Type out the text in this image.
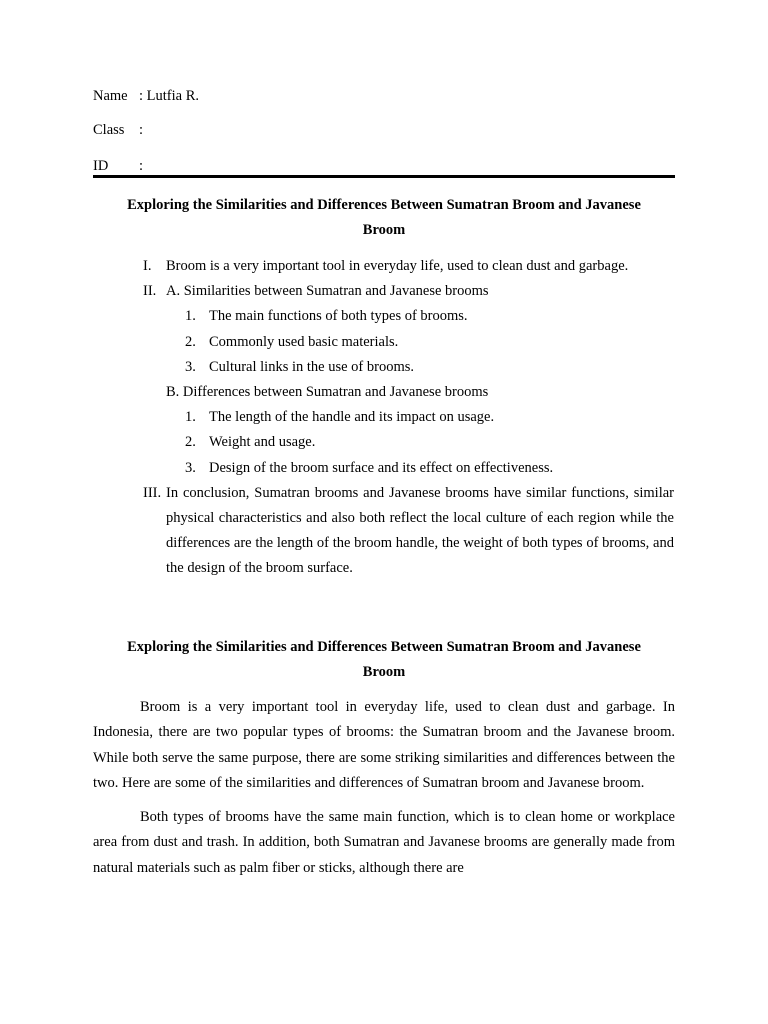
Name : Lutfia R.
Class :
ID :
Exploring the Similarities and Differences Between Sumatran Broom and Javanese
Broom
I. Broom is a very important tool in everyday life, used to clean dust and garbage.
II. A. Similarities between Sumatran and Javanese brooms
1. The main functions of both types of brooms.
2. Commonly used basic materials.
3. Cultural links in the use of brooms.
B. Differences between Sumatran and Javanese brooms
1. The length of the handle and its impact on usage.
2. Weight and usage.
3. Design of the broom surface and its effect on effectiveness.
III. In conclusion, Sumatran brooms and Javanese brooms have similar functions, similar physical characteristics and also both reflect the local culture of each region while the differences are the length of the broom handle, the weight of both types of brooms, and the design of the broom surface.
Exploring the Similarities and Differences Between Sumatran Broom and Javanese
Broom

Broom is a very important tool in everyday life, used to clean dust and garbage. In Indonesia, there are two popular types of brooms: the Sumatran broom and the Javanese broom. While both serve the same purpose, there are some striking similarities and differences between the two. Here are some of the similarities and differences of Sumatran broom and Javanese broom.

Both types of brooms have the same main function, which is to clean home or workplace area from dust and trash. In addition, both Sumatran and Javanese brooms are generally made from natural materials such as palm fiber or sticks, although there are
